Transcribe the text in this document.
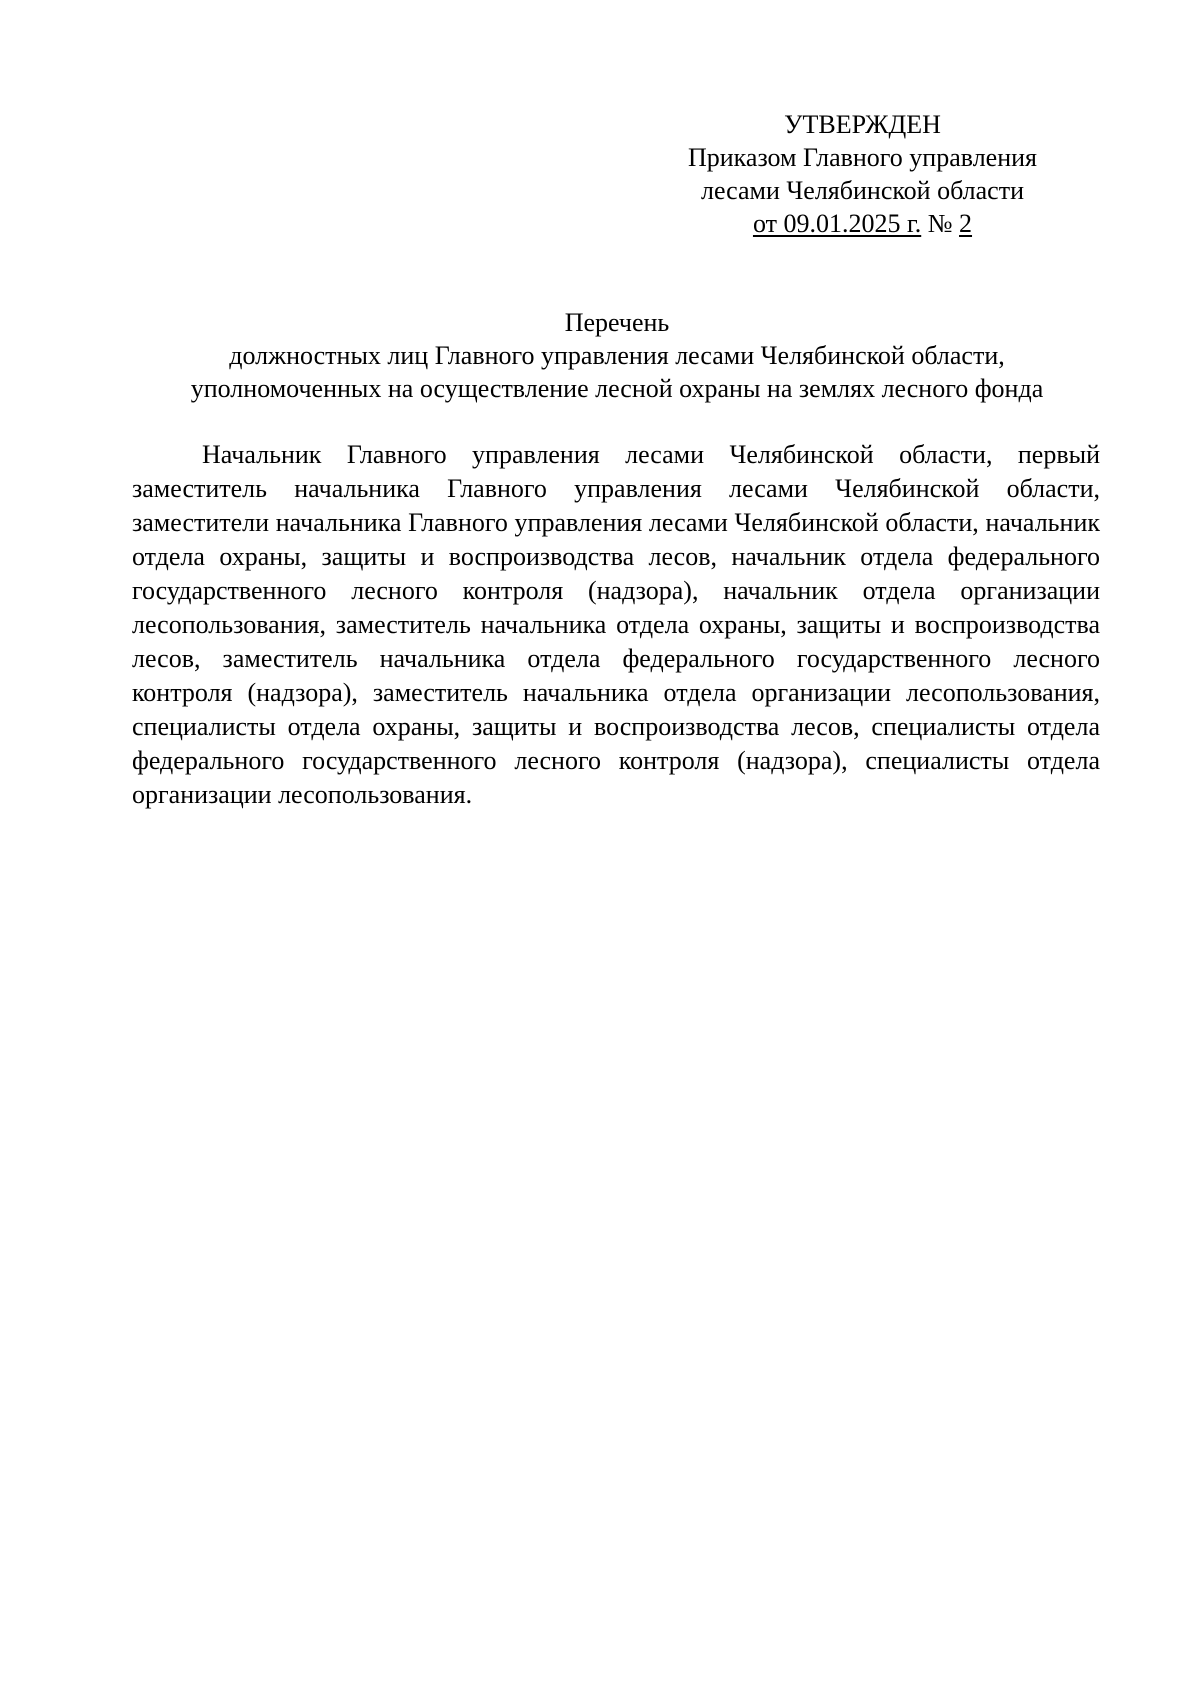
УТВЕРЖДЕН
Приказом Главного управления
лесами Челябинской области
от 09.01.2025 г. № 2
Перечень
должностных лиц Главного управления лесами Челябинской области,
уполномоченных на осуществление лесной охраны на землях лесного фонда

Начальник Главного управления лесами Челябинской области, первый заместитель начальника Главного управления лесами Челябинской области, заместители начальника Главного управления лесами Челябинской области, начальник отдела охраны, защиты и воспроизводства лесов, начальник отдела федерального государственного лесного контроля (надзора), начальник отдела организации лесопользования, заместитель начальника отдела охраны, защиты и воспроизводства лесов, заместитель начальника отдела федерального государственного лесного контроля (надзора), заместитель начальника отдела организации лесопользования, специалисты отдела охраны, защиты и воспроизводства лесов, специалисты отдела федерального государственного лесного контроля (надзора), специалисты отдела организации лесопользования.
